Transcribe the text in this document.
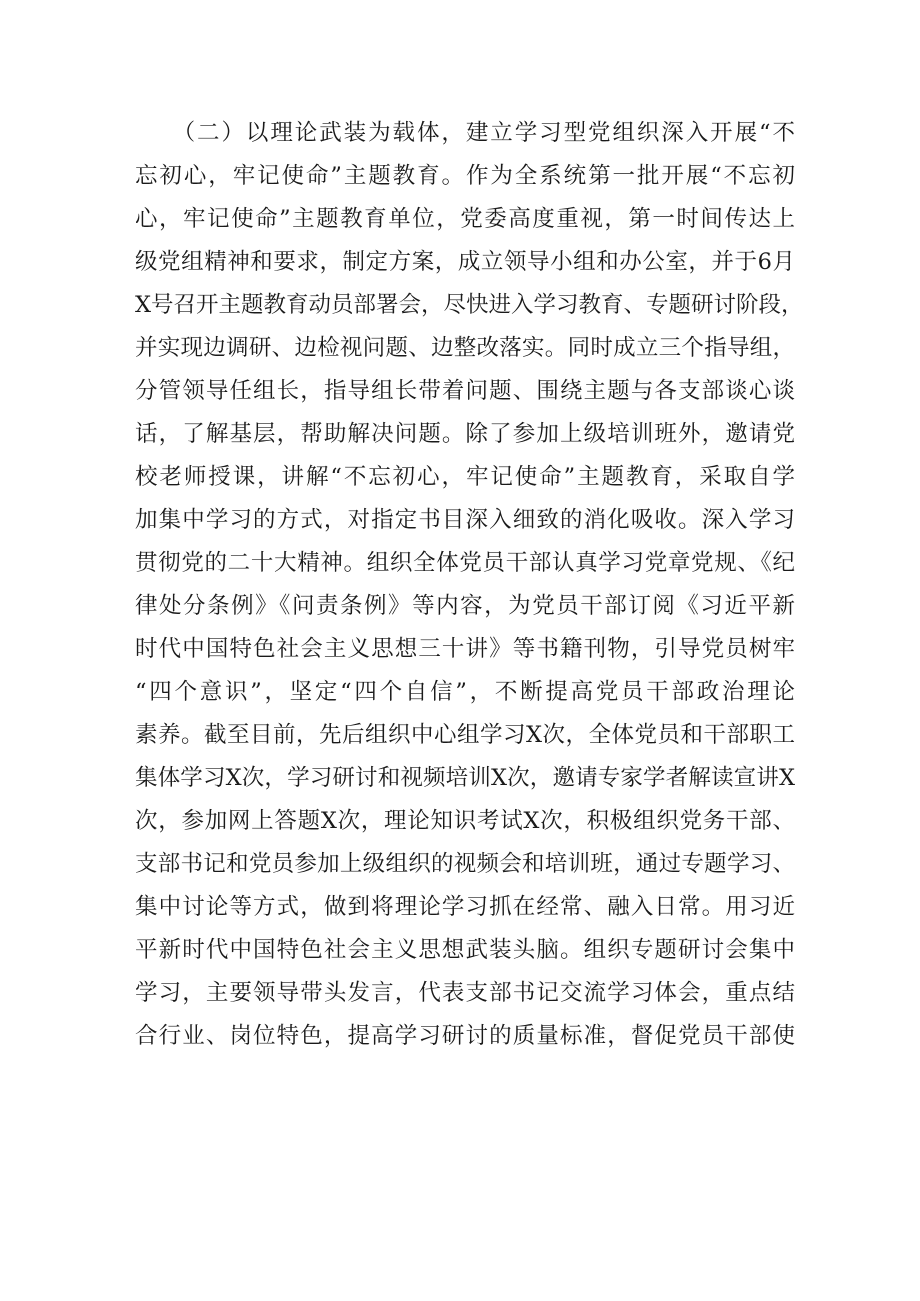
　　（二）以理论武装为载体，建立学习型党组织深入开展“不
忘初心，牢记使命”主题教育。作为全系统第一批开展“不忘初
心，牢记使命”主题教育单位，党委高度重视，第一时间传达上
级党组精神和要求，制定方案，成立领导小组和办公室，并于6月
X号召开主题教育动员部署会，尽快进入学习教育、专题研讨阶段，
并实现边调研、边检视问题、边整改落实。同时成立三个指导组，
分管领导任组长，指导组长带着问题、围绕主题与各支部谈心谈
话，了解基层，帮助解决问题。除了参加上级培训班外，邀请党
校老师授课，讲解“不忘初心，牢记使命”主题教育，采取自学
加集中学习的方式，对指定书目深入细致的消化吸收。深入学习
贯彻党的二十大精神。组织全体党员干部认真学习党章党规、《纪
律处分条例》《问责条例》等内容，为党员干部订阅《习近平新
时代中国特色社会主义思想三十讲》等书籍刊物，引导党员树牢
“四个意识”，坚定“四个自信”，不断提高党员干部政治理论
素养。截至目前，先后组织中心组学习X次，全体党员和干部职工
集体学习X次，学习研讨和视频培训X次，邀请专家学者解读宣讲X
次，参加网上答题X次，理论知识考试X次，积极组织党务干部、
支部书记和党员参加上级组织的视频会和培训班，通过专题学习、
集中讨论等方式，做到将理论学习抓在经常、融入日常。用习近
平新时代中国特色社会主义思想武装头脑。组织专题研讨会集中
学习，主要领导带头发言，代表支部书记交流学习体会，重点结
合行业、岗位特色，提高学习研讨的质量标准，督促党员干部使
